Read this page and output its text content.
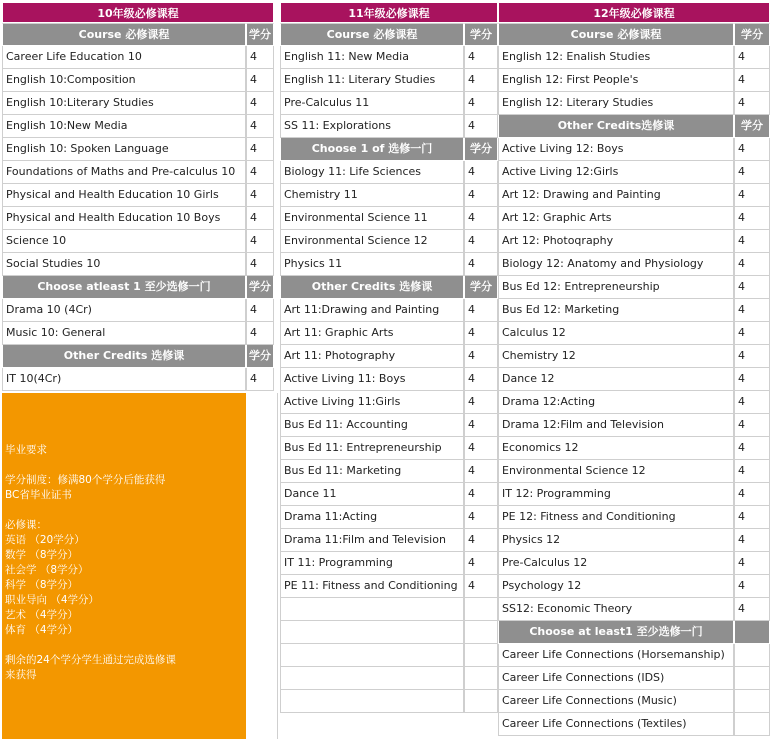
10年级必修课程
Course 必修课程	学分
Career Life Education 10	4
English 10:Composition	4
English 10:Literary Studies	4
English 10:New Media	4
English 10: Spoken Language	4
Foundations of Maths and Pre-calculus 10	4
Physical and Health Education 10 Girls	4
Physical and Health Education 10 Boys	4
Science 10	4
Social Studies 10	4
Choose atleast 1 至少选修一门	学分
Drama 10 (4Cr)	4
Music 10: General	4
Other Credits 选修课	学分
IT 10(4Cr)	4
11年级必修课程
Course 必修课程	学分
English 11: New Media	4
English 11: Literary Studies	4
Pre-Calculus 11	4
SS 11: Explorations	4
Choose 1 of 选修一门	学分
Biology 11: Life Sciences	4
Chemistry 11	4
Environmental Science 11	4
Environmental Science 12	4
Physics 11	4
Other Credits 选修课	学分
Art 11:Drawing and Painting	4
Art 11: Graphic Arts	4
Art 11: Photography	4
Active Living 11: Boys	4
Active Living 11:Girls	4
Bus Ed 11: Accounting	4
Bus Ed 11: Entrepreneurship	4
Bus Ed 11: Marketing	4
Dance 11	4
Drama 11:Acting	4
Drama 11:Film and Television	4
IT 11: Programming	4
PE 11: Fitness and Conditioning 4
12年级必修课程
Course 必修课程	学分
English 12: Enalish Studies	4
English 12: First People's	4
English 12: Literary Studies	4
Other Credits选修课	学分
Active Living 12: Boys	4
Active Living 12:Girls	4
Art 12: Drawing and Painting	4
Art 12: Graphic Arts	4
Art 12: Photoqraphy	4
Biology 12: Anatomy and Physiology	4
Bus Ed 12: Entrepreneurship	4
Bus Ed 12: Marketing	4
Calculus 12	4
Chemistry 12	4
Dance 12	4
Drama 12:Acting	4
Drama 12:Film and Television	4
Economics 12	4
Environmental Science 12	4
IT 12: Programming	4
PE 12: Fitness and Conditioning	4
Physics 12	4
Pre-Calculus 12	4
Psychology 12	4
SS12: Economic Theory	4
Choose at least1 至少选修一门
Career Life Connections (Horsemanship)
Career Life Connections (IDS)
Career Life Connections (Music)
Career Life Connections (Textiles)
毕业要求

学分制度：修满80个学分后能获得
BC省毕业证书

必修课：
英语 （20学分）
数学 （8学分）
社会学 （8学分）
科学 （8学分）
职业导向 （4学分）
艺术 （4学分）
体育 （4学分）

剩余的24个学分学生通过完成选修课
来获得
